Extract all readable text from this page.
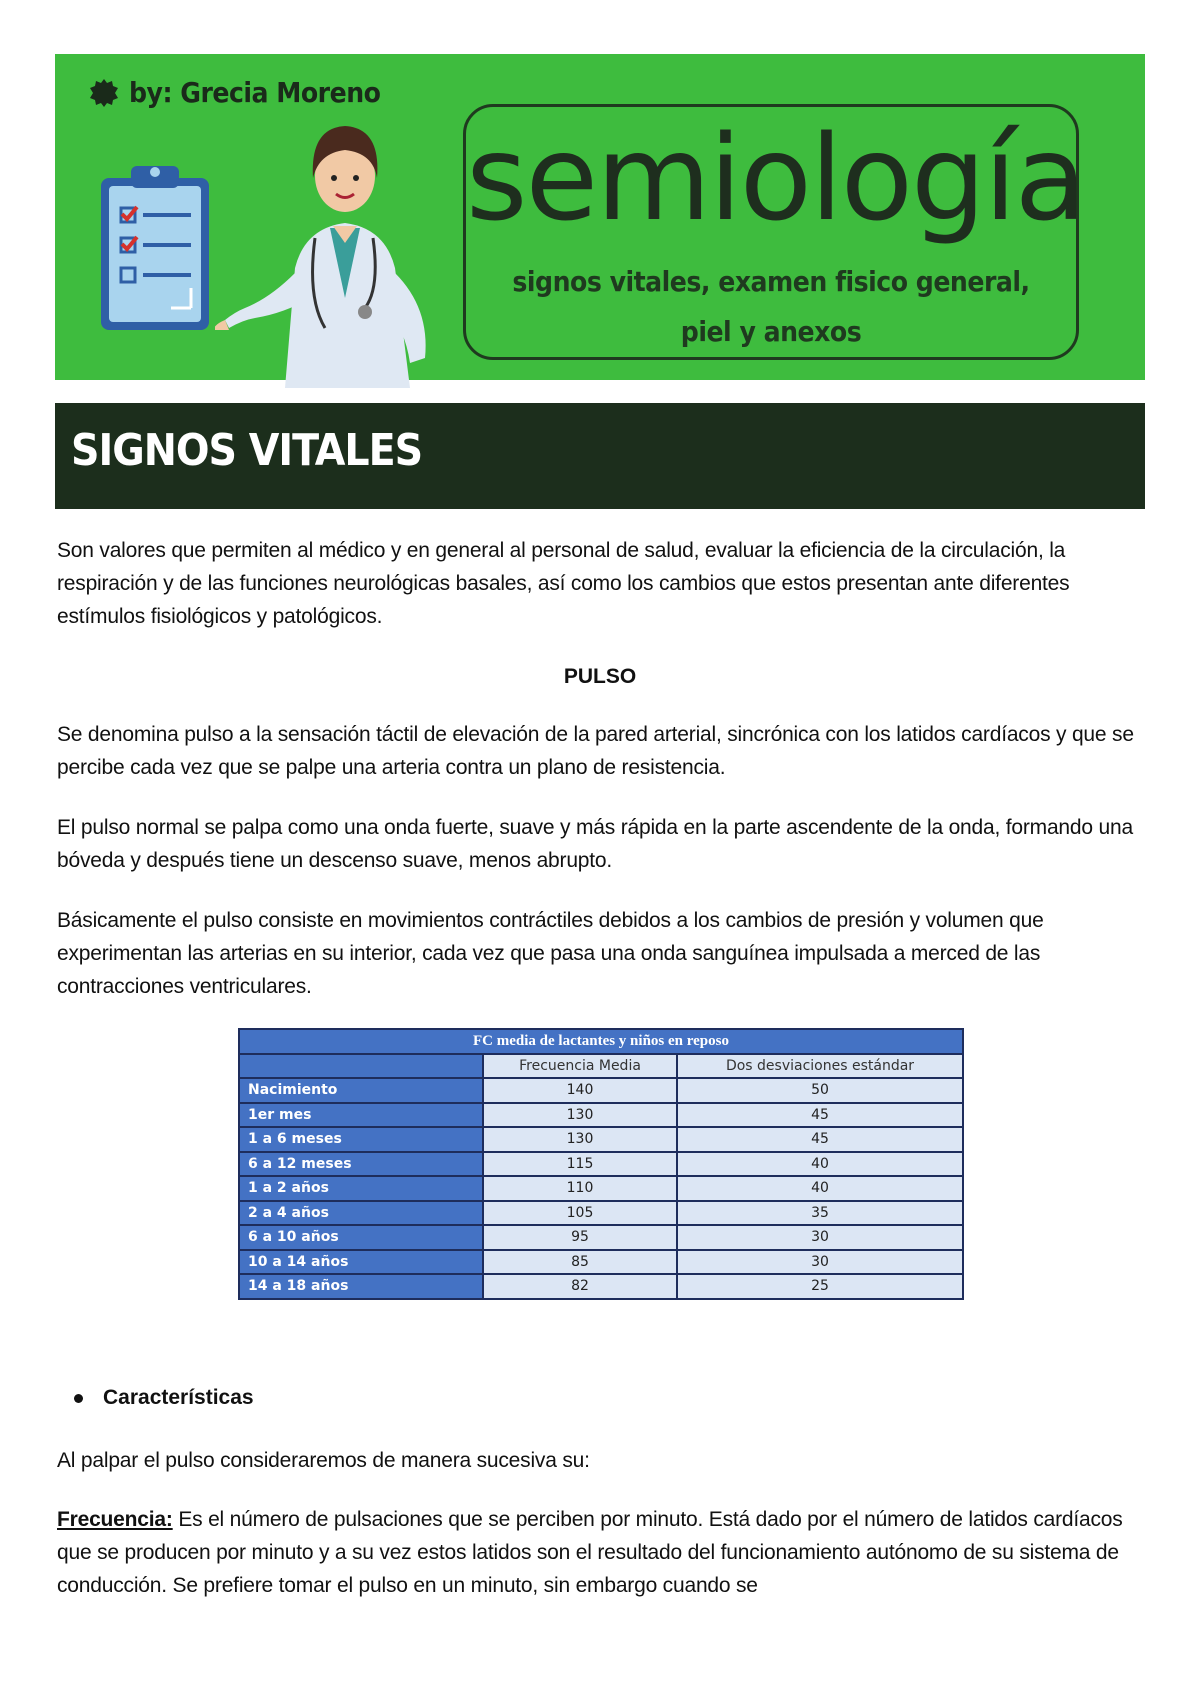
by: Grecia Moreno
semiología
signos vitales, examen fisico general, piel y anexos
SIGNOS VITALES

Son valores que permiten al médico y en general al personal de salud, evaluar la eficiencia de la circulación, la respiración y de las funciones neurológicas basales, así como los cambios que estos presentan ante diferentes estímulos fisiológicos y patológicos.

PULSO

Se denomina pulso a la sensación táctil de elevación de la pared arterial, sincrónica con los latidos cardíacos y que se percibe cada vez que se palpe una arteria contra un plano de resistencia.

El pulso normal se palpa como una onda fuerte, suave y más rápida en la parte ascendente de la onda, formando una bóveda y después tiene un descenso suave, menos abrupto.

Básicamente el pulso consiste en movimientos contráctiles debidos a los cambios de presión y volumen que experimentan las arterias en su interior, cada vez que pasa una onda sanguínea impulsada a merced de las contracciones ventriculares.

FC media de lactantes y niños en reposo		
	Frecuencia Media	Dos desviaciones estándar
Nacimiento	140	50
1er mes	130	45
1 a 6 meses	130	45
6 a 12 meses	115	40
1 a 2 años	110	40
2 a 4 años	105	35
6 a 10 años	95	30
10 a 14 años	85	30
14 a 18 años	82	25
Características

Al palpar el pulso consideraremos de manera sucesiva su:

Frecuencia: Es el número de pulsaciones que se perciben por minuto. Está dado por el número de latidos cardíacos que se producen por minuto y a su vez estos latidos son el resultado del funcionamiento autónomo de su sistema de conducción. Se prefiere tomar el pulso en un minuto, sin embargo cuando se
